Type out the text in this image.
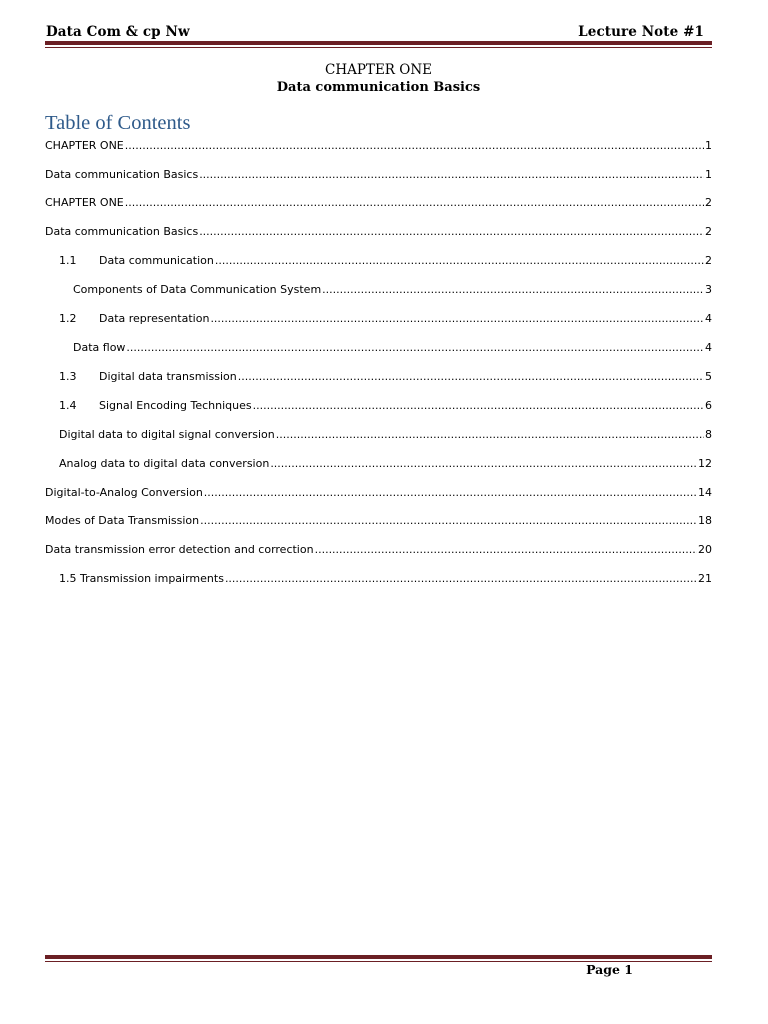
Data Com & cp Nw	Lecture Note #1
CHAPTER ONE
Data communication Basics
Table of Contents
CHAPTER ONE .....	1
Data communication Basics .....	1
CHAPTER ONE .....	2
Data communication Basics .....	2
1.1	Data communication .....	2
Components of Data Communication System .....	3
1.2	Data representation .....	4
Data flow .....	4
1.3	Digital data transmission .....	5
1.4	Signal Encoding Techniques .....	6
Digital data to digital signal conversion .....	8
Analog data to digital data conversion .....	12
Digital-to-Analog Conversion .....	14
Modes of Data Transmission .....	18
Data transmission error detection and correction .....	20
1.5 Transmission impairments .....	21
Page 1
